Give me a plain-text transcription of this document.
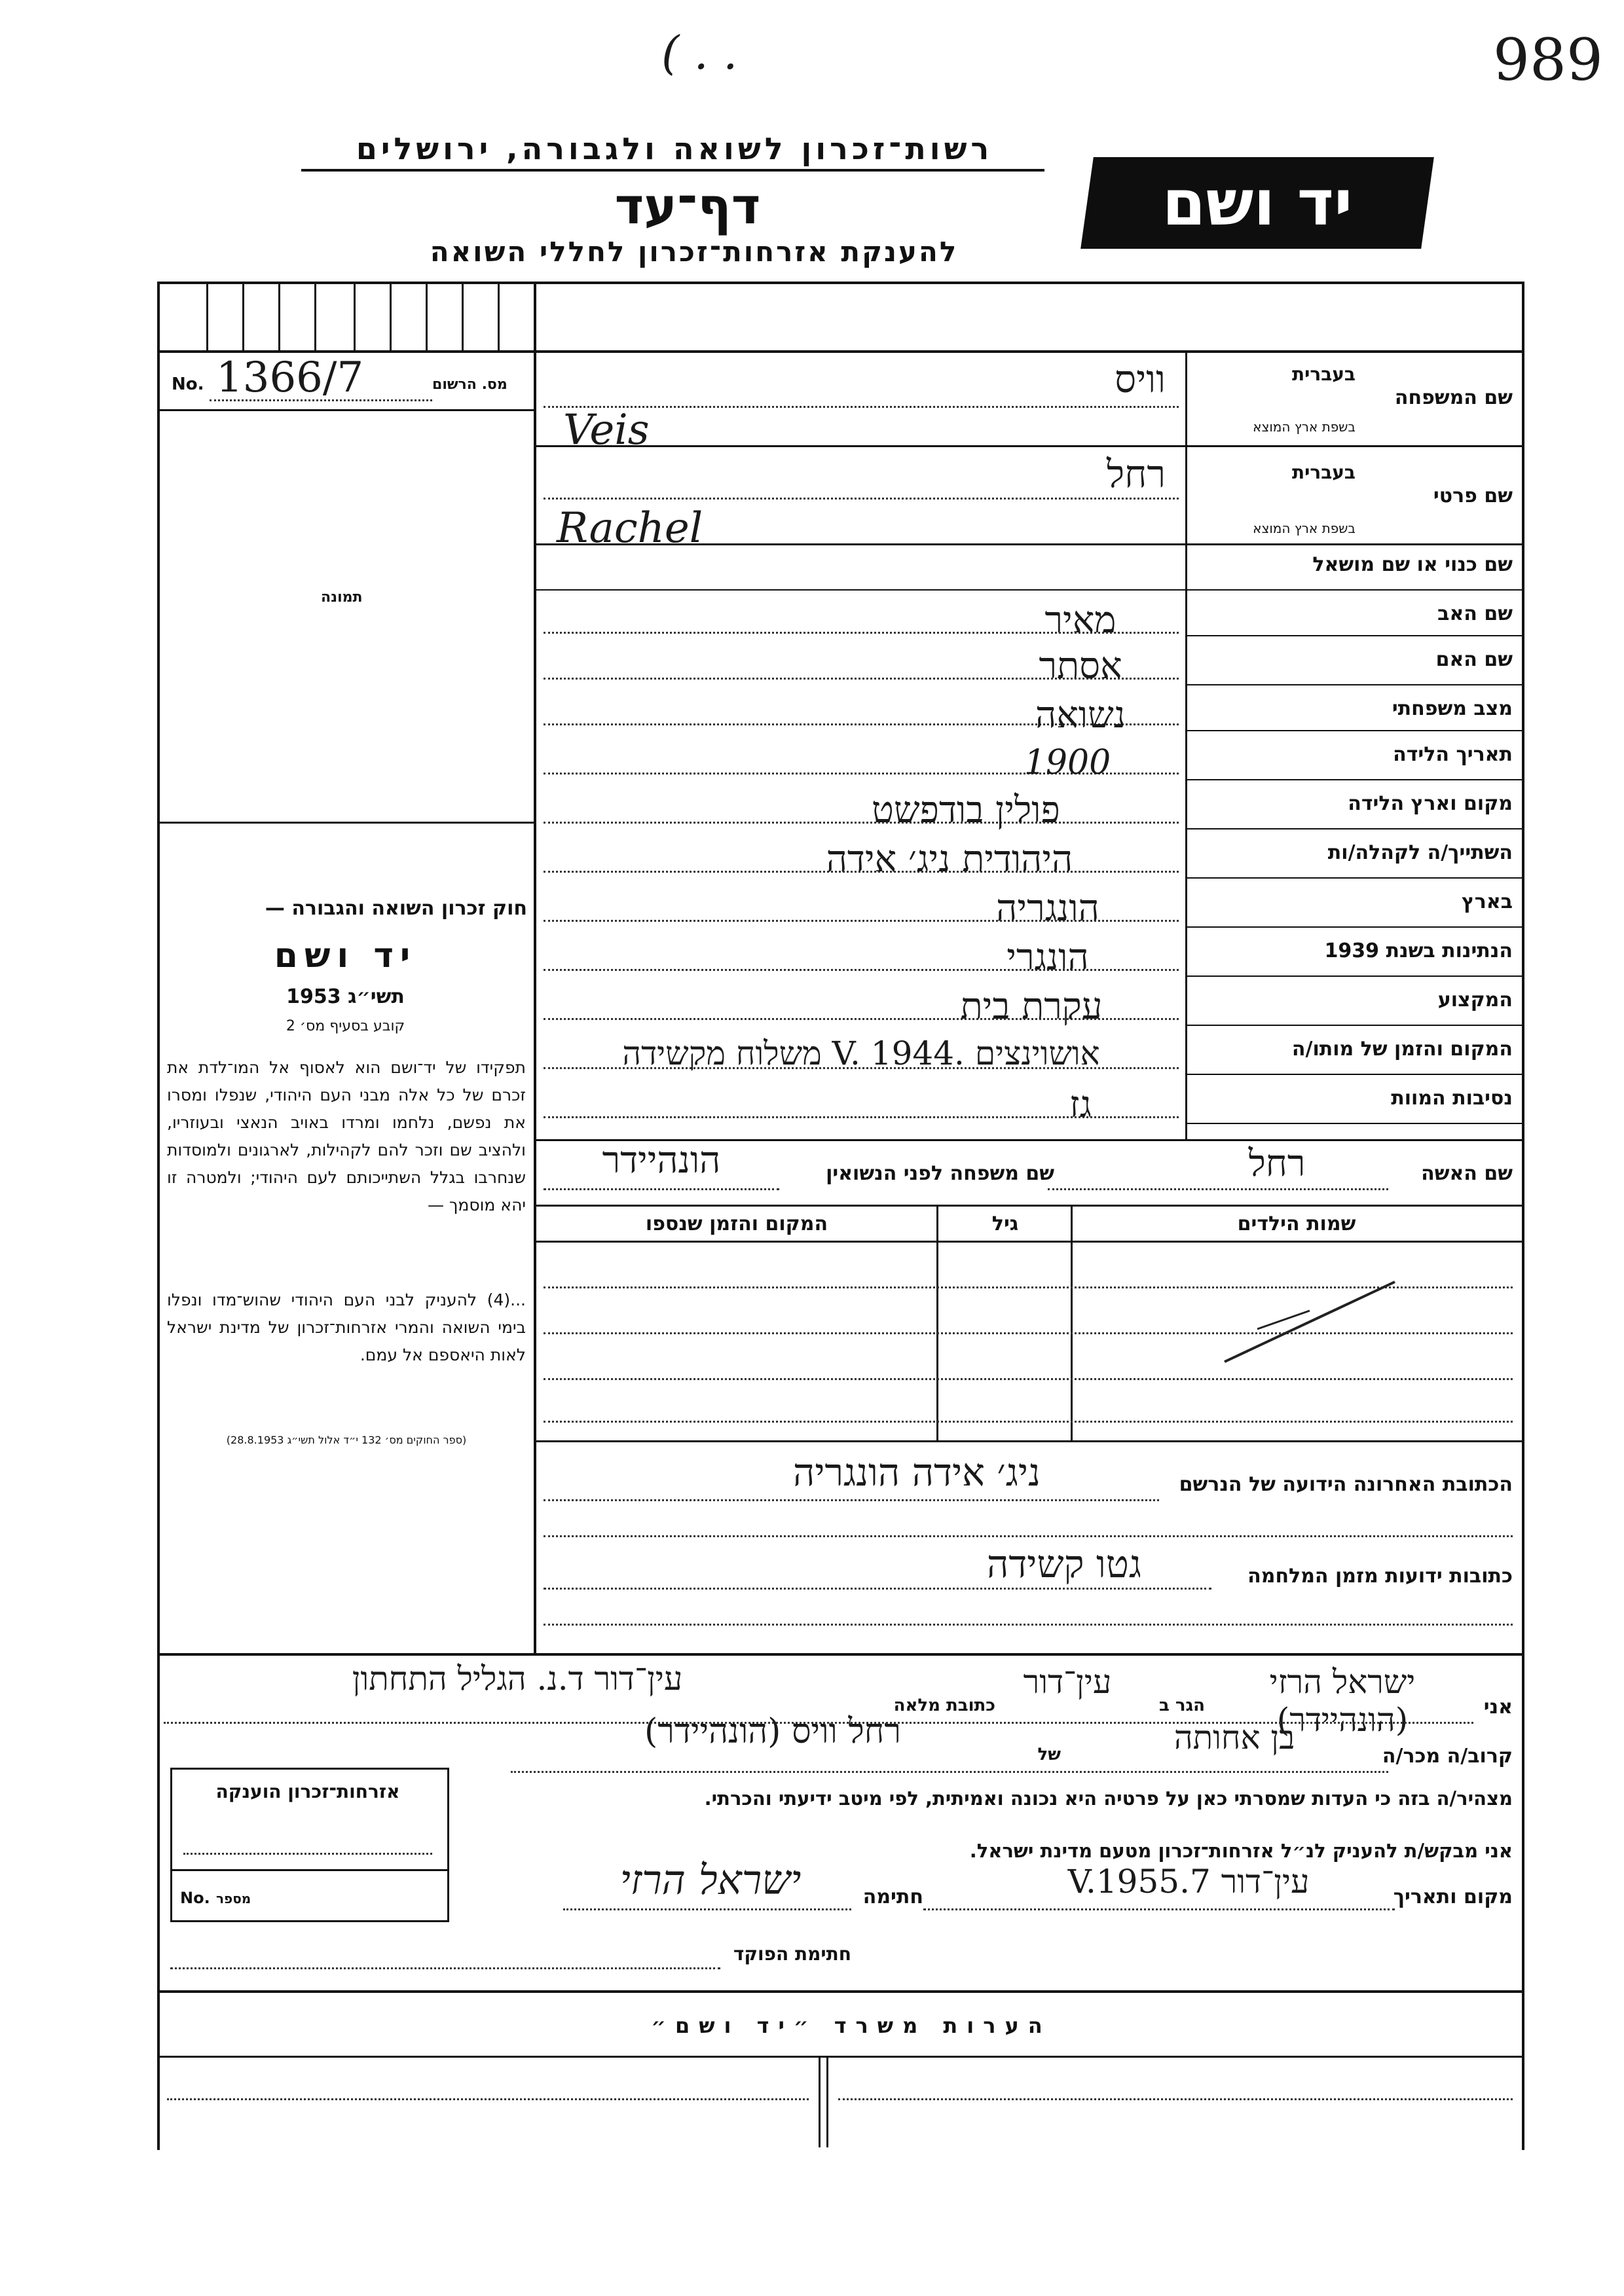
989
( . .
רשות־זכרון לשואה ולגבורה, ירושלים
דף־עד
להענקת אזרחות־זכרון לחללי השואה
יד ושם
No. 1366/7	מס. הרשום
תמונה
חוק זכרון השואה והגבורה —
יד ושם
תשי״ג 1953
קובע בסעיף מס׳ 2
תפקידו של יד־ושם הוא לאסוף אל המו־לדת את זכרם של כל אלה מבני העם היהודי, שנפלו ומסרו את נפשם, נלחמו ומרדו באויב הנאצי ובעוזריו, ולהציב שם וזכר להם לקהילות, לארגונים ולמוסדות שנחרבו בגלל השתייכותם לעם היהודי; ולמטרה זו יהא מוסמך —
...(4) להעניק לבני העם היהודי שהוש־מדו ונפלו בימי השואה והמרי אזרחות־זכרון של מדינת ישראל לאות היאספם אל עמם.
(ספר החוקים מס׳ 132 י״ד אלול תשי״ג 28.8.1953)
שם המשפחה
בעברית
בשפת ארץ המוצא
וויס
Veis
שם פרטי
בעברית
בשפת ארץ המוצא
רחל
Rachel
שם כנוי או שם מושאל
שם האב
שם האם
מצב משפחתי
תאריך הלידה
מקום וארץ הלידה
השתייך/ה לקהלה/ות
בארץ
הנתינות בשנת 1939
המקצוע
המקום והזמן של מותו/ה
נסיבות המוות
מאיר
אסתר
נשואה
1900
פולין בודפשט
היהודית ניג׳ אידה
הונגריה
הונגרי
עקרת בית
אושוינצים .V. 1944 משלוח מקשידה
גז
שם האשה
רחל
שם משפחה לפני הנשואין
הונהיידר
שמות הילדים
גיל
המקום והזמן שנספו
הכתובת האחרונה הידועה של הנרשם
ניג׳ אידה הונגריה
כתובות ידועות מזמן המלחמה
גטו קשידה
אני
ישראל הרזי (הונהיידר)
הגר ב
עין־דור
כתובת מלאה
עין־דור ד.נ. הגליל התחתון
קרוב/ה מכר/ה
בן אחותה
של
רחל וויס (הונהיידר)
מצהיר/ה בזה כי העדות שמסרתי כאן על פרטיה היא נכונה ואמיתית, לפי מיטב ידיעתי והכרתי.
אני מבקש/ת להעניק לנ״ל אזרחות־זכרון מטעם מדינת ישראל.
מקום ותאריך
עין־דור 7.V.1955
חתימה
ישראל הרזי
חתימת הפוקד
אזרחות־זכרון הוענקה
No. מספר
הערות משרד ״יד ושם״
